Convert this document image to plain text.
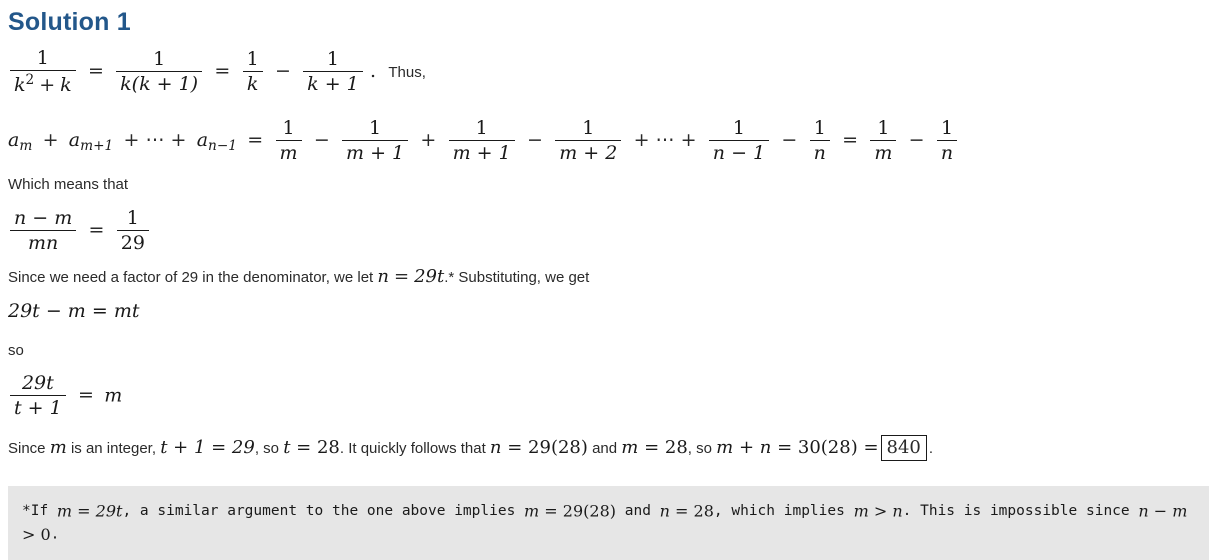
Solution 1
$\frac{1}{k^2 + k} = \frac{1}{k(k + 1)} = \frac{1}{k} - \frac{1}{k + 1}$ . Thus,
$a_m + a_{m+1}$ + ⋯ + $a_{n-1} = \frac{1}{m} - \frac{1}{m + 1} + \frac{1}{m + 1} - \frac{1}{m + 2}$ + ⋯ + $\frac{1}{n - 1} - \frac{1}{n} = \frac{1}{m} - \frac{1}{n}$
Which means that
$\frac{n - m}{mn} = \frac{1}{29}$
Since we need a factor of 29 in the denominator, we let n = 29t.* Substituting, we get
29t − m = mt
so
$\frac{29t}{t + 1} = m$
Since m is an integer, t + 1 = 29, so t = 28. It quickly follows that n = 29(28) and m = 28, so m + n = 30(28) = 840 .
*If m = 29t, a similar argument to the one above implies m = 29(28) and n = 28, which implies m > n. This is impossible since n − m > 0.
